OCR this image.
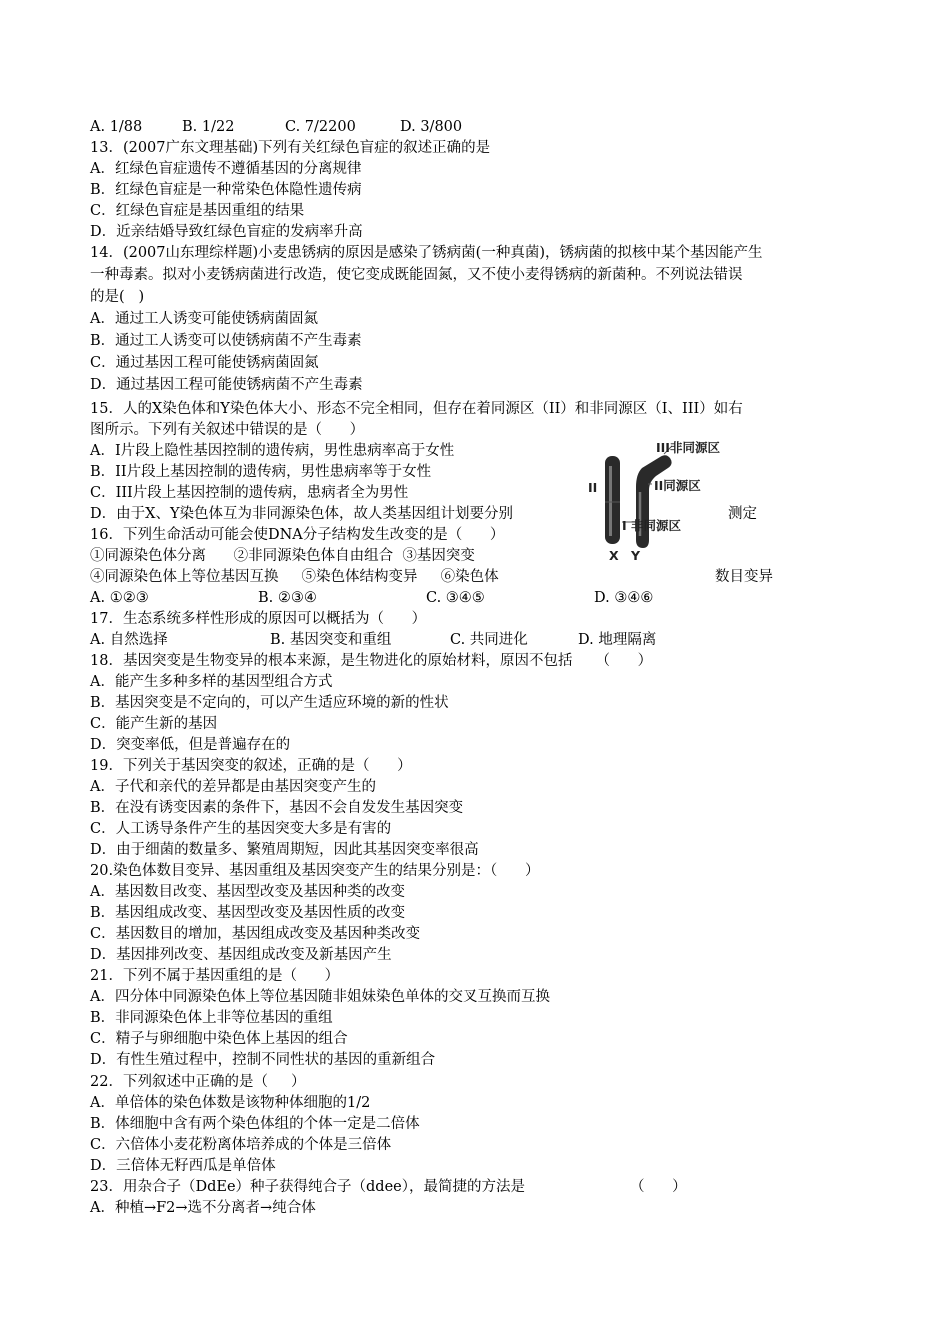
A. 1/88

	B. 1/22

	C. 7/2200

	D. 3/800

13．(2007广东文理基础)下列有关红绿色盲症的叙述正确的是
A．红绿色盲症遗传不遵循基因的分离规律
B．红绿色盲症是一种常染色体隐性遗传病
C．红绿色盲症是基因重组的结果
D．近亲结婚导致红绿色盲症的发病率升高
14．(2007山东理综样题)小麦患锈病的原因是感染了锈病菌(一种真菌)，锈病菌的拟核中某个基因能产生
一种毒素。拟对小麦锈病菌进行改造，使它变成既能固氮，又不使小麦得锈病的新菌种。不列说法错误
的是(   )
A．通过工人诱变可能使锈病菌固氮
B．通过工人诱变可以使锈病菌不产生毒素
C．通过基因工程可能使锈病菌固氮
D．通过基因工程可能使锈病菌不产生毒素
15．人的X染色体和Y染色体大小、形态不完全相同，但存在着同源区（II）和非同源区（I、III）如右
图所示。下列有关叙述中错误的是（      ）
A．I片段上隐性基因控制的遗传病，男性患病率高于女性
B．II片段上基因控制的遗传病，男性患病率等于女性
C．III片段上基因控制的遗传病，患病者全为男性

D．由于X、Y染色体互为非同源染色体，故人类基因组计划要分别

	测定

III非同源区
II同源区
II
I 非同源区
X Y
16．下列生命活动可能会使DNA分子结构发生改变的是（      ）
①同源染色体分离      ②非同源染色体自由组合  ③基因突变

④同源染色体上等位基因互换     ⑤染色体结构变异     ⑥染色体

	数目变异

A. ①②③

	B. ②③④

	C. ③④⑤

	D. ③④⑥

17．生态系统多样性形成的原因可以概括为（      ）

A. 自然选择

	B. 基因突变和重组

	C. 共同进化

	D. 地理隔离

18．基因突变是生物变异的根本来源，是生物进化的原始材料，原因不包括     （      ）
A．能产生多种多样的基因型组合方式
B．基因突变是不定向的，可以产生适应环境的新的性状
C．能产生新的基因
D．突变率低，但是普遍存在的
19．下列关于基因突变的叙述，正确的是（      ）
A．子代和亲代的差异都是由基因突变产生的
B．在没有诱变因素的条件下，基因不会自发发生基因突变
C．人工诱导条件产生的基因突变大多是有害的
D．由于细菌的数量多、繁殖周期短，因此其基因突变率很高
20.染色体数目变异、基因重组及基因突变产生的结果分别是：（      ）
A．基因数目改变、基因型改变及基因种类的改变
B．基因组成改变、基因型改变及基因性质的改变
C．基因数目的增加，基因组成改变及基因种类改变
D．基因排列改变、基因组成改变及新基因产生
21．下列不属于基因重组的是（      ）
A．四分体中同源染色体上等位基因随非姐妹染色单体的交叉互换而互换
B．非同源染色体上非等位基因的重组
C．精子与卵细胞中染色体上基因的组合
D．有性生殖过程中，控制不同性状的基因的重新组合
22．下列叙述中正确的是（     ）
A．单倍体的染色体数是该物种体细胞的1/2
B．体细胞中含有两个染色体组的个体一定是二倍体
C．六倍体小麦花粉离体培养成的个体是三倍体
D．三倍体无籽西瓜是单倍体

23．用杂合子（DdEe）种子获得纯合子（ddee），最简捷的方法是

	（      ）

A．种植→F2→选不分离者→纯合体
